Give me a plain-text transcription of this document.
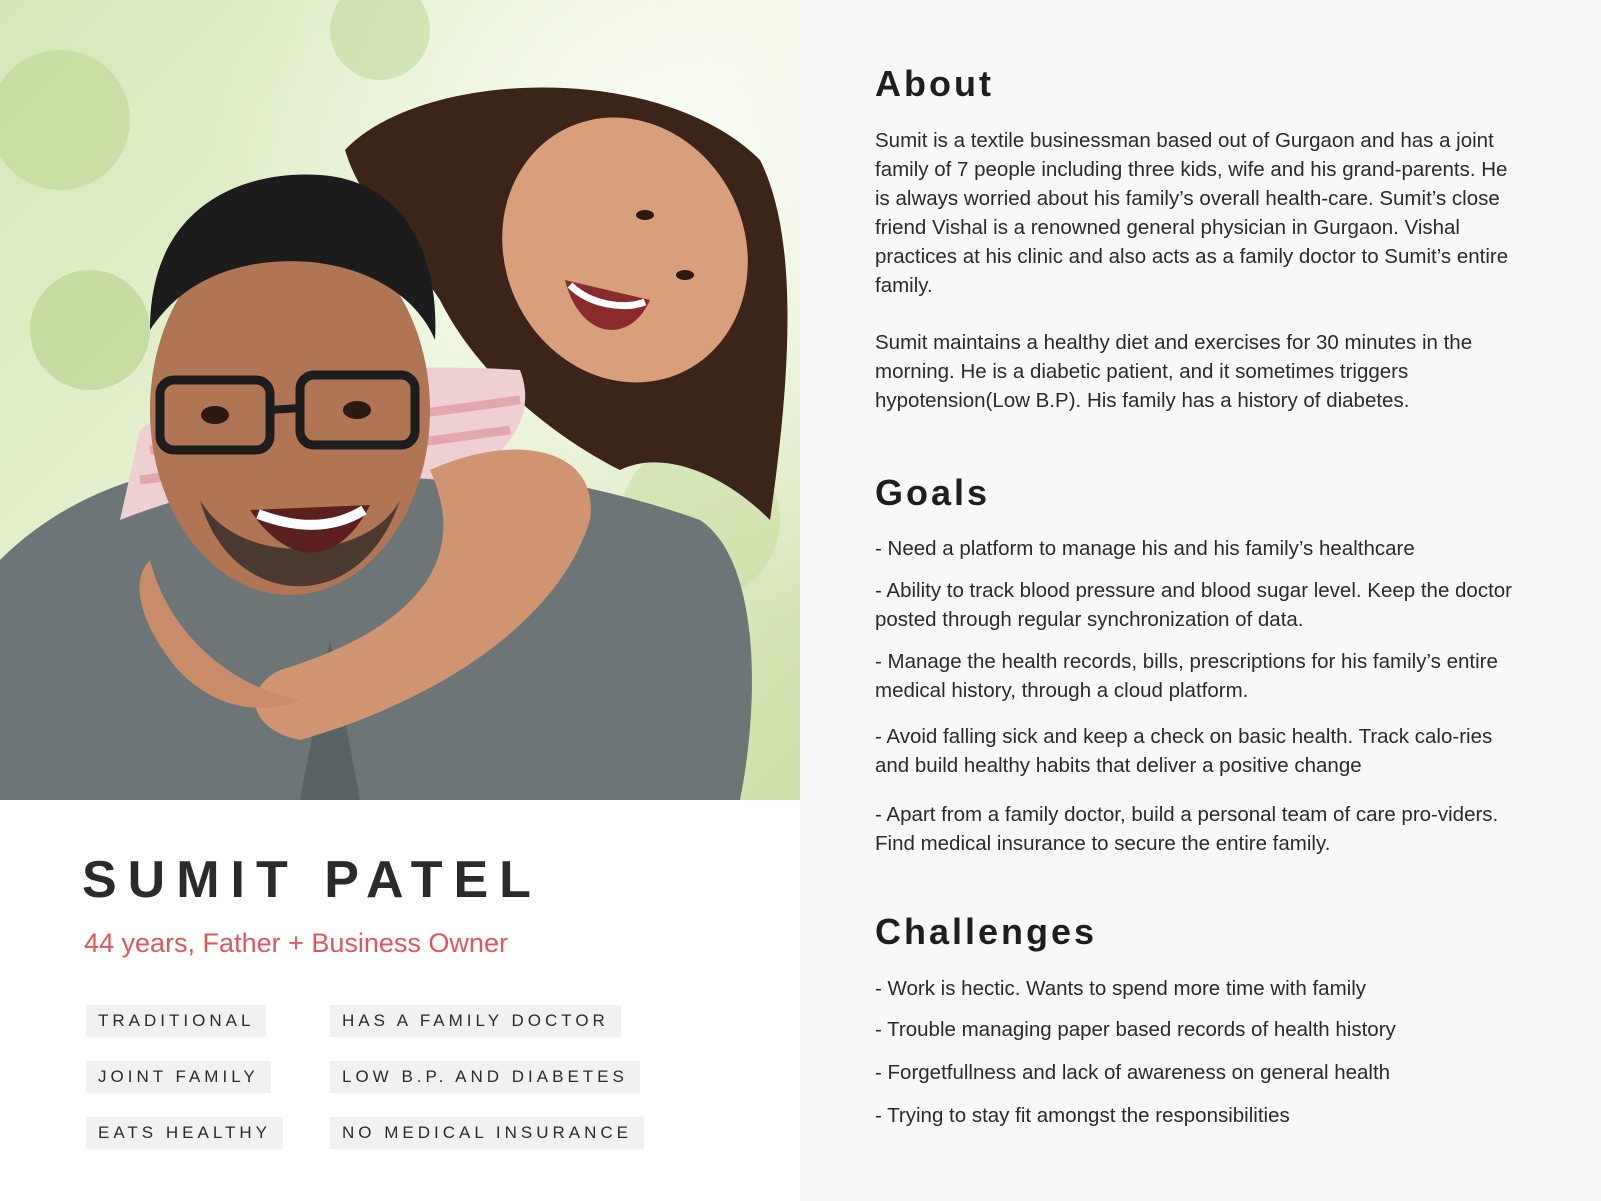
SUMIT PATEL
44 years, Father + Business Owner
TRADITIONAL	HAS A FAMILY DOCTOR
JOINT FAMILY	LOW B.P. AND DIABETES
EATS HEALTHY	NO MEDICAL INSURANCE
About
Sumit is a textile businessman based out of Gurgaon and has a joint family of 7 people including three kids, wife and his grand-parents. He is always worried about his family’s overall health-care. Sumit’s close friend Vishal is a renowned general physician in Gurgaon. Vishal practices at his clinic and also acts as a family doctor to Sumit’s entire family.
Sumit maintains a healthy diet and exercises for 30 minutes in the morning. He is a diabetic patient, and it sometimes triggers hypotension(Low B.P). His family has a history of diabetes.
Goals
- Need a platform to manage his and his family’s healthcare
- Ability to track blood pressure and blood sugar level. Keep the doctor posted through regular synchronization of data.
- Manage the health records, bills, prescriptions for his family’s entire medical history, through a cloud platform.
- Avoid falling sick and keep a check on basic health. Track calo-ries and build healthy habits that deliver a positive change
- Apart from a family doctor, build a personal team of care pro-viders. Find medical insurance to secure the entire family.
Challenges
- Work is hectic. Wants to spend more time with family
- Trouble managing paper based records of health history
- Forgetfullness and lack of awareness on general health
- Trying to stay fit amongst the responsibilities
